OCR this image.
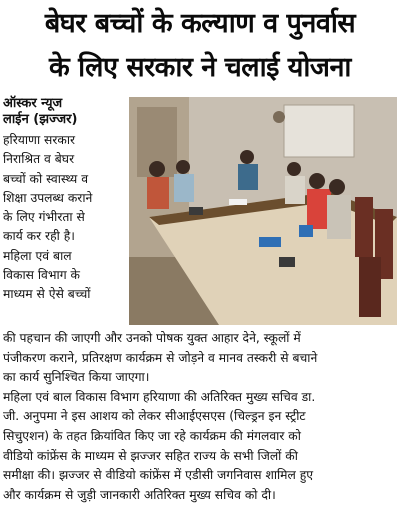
बेघर बच्चों के कल्याण व पुनर्वास
के लिए सरकार ने चलाई योजना
ऑस्कर न्यूज
लाईन (झज्जर)
हरियाणा सरकार
निराश्रित व बेघर
बच्चों को स्वास्थ्य व
शिक्षा उपलब्ध कराने
के लिए गंभीरता से
कार्य कर रही है।
महिला एवं बाल
विकास विभाग के
माध्यम से ऐसे बच्चों
की पहचान की जाएगी और उनको पोषक युक्त आहार देने, स्कूलों में
पंजीकरण कराने, प्रतिरक्षण कार्यक्रम से जोड़ने व मानव तस्करी से बचाने
का कार्य सुनिश्चित किया जाएगा।
महिला एवं बाल विकास विभाग हरियाणा की अतिरिक्त मुख्य सचिव डा.
जी. अनुपमा ने इस आशय को लेकर सीआईएसएस (चिल्ड्रन इन स्ट्रीट
सिचुएशन) के तहत क्रियांवित किए जा रहे कार्यक्रम की मंगलवार को
वीडियो कांफ्रेंस के माध्यम से झज्जर सहित राज्य के सभी जिलों की
समीक्षा की। झज्जर से वीडियो कांफ्रेंस में एडीसी जगनिवास शामिल हुए
और कार्यक्रम से जुड़ी जानकारी अतिरिक्त मुख्य सचिव को दी।
